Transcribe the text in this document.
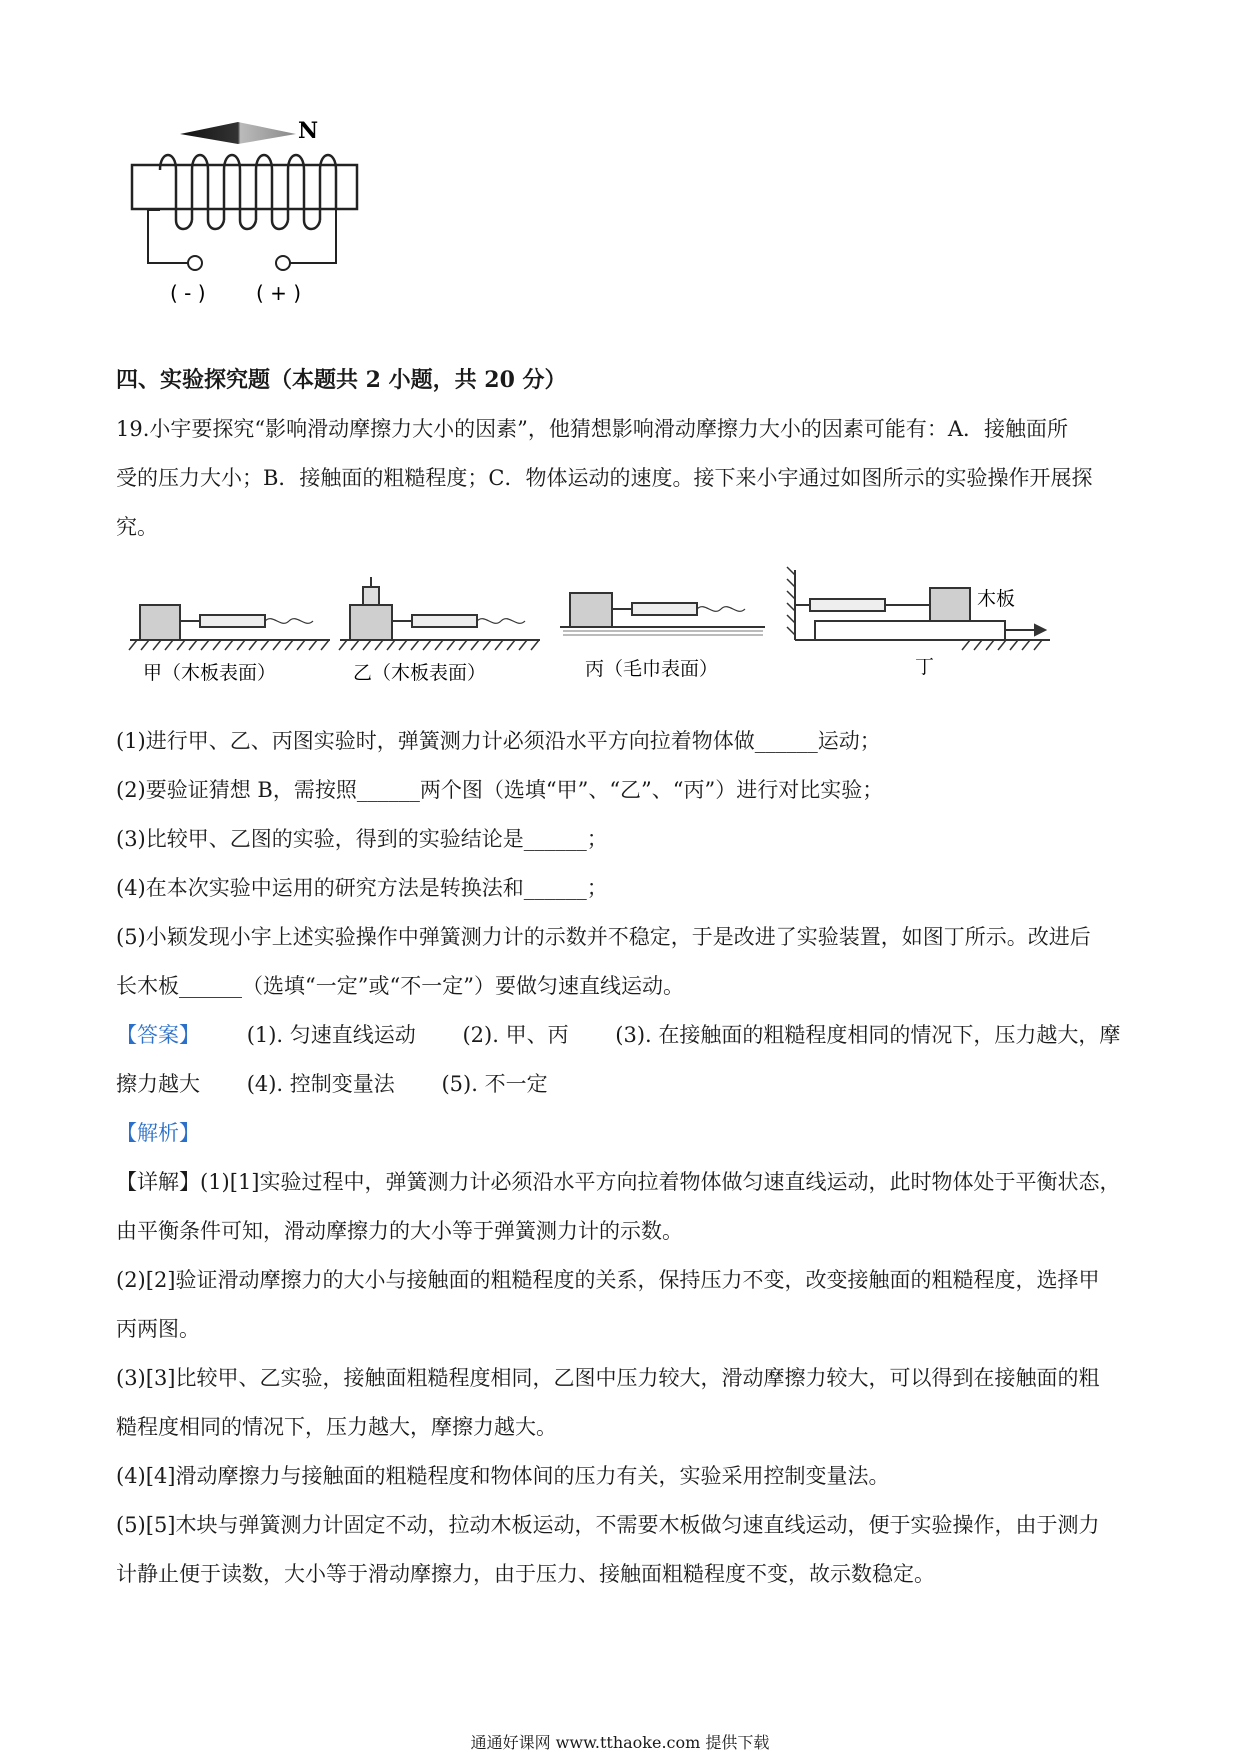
N
( - )	( + )
四、实验探究题（本题共 2 小题，共 20 分）
19.小宇要探究“影响滑动摩擦力大小的因素”，他猜想影响滑动摩擦力大小的因素可能有：A．接触面所
受的压力大小；B．接触面的粗糙程度；C．物体运动的速度。接下来小宇通过如图所示的实验操作开展探
究。
甲（木板表面）	乙（木板表面）	丙（毛巾表面）	丁
木板
(1)进行甲、乙、丙图实验时，弹簧测力计必须沿水平方向拉着物体做______运动；
(2)要验证猜想 B，需按照______两个图（选填“甲”、“乙”、“丙”）进行对比实验；
(3)比较甲、乙图的实验，得到的实验结论是______；
(4)在本次实验中运用的研究方法是转换法和______；
(5)小颖发现小宇上述实验操作中弹簧测力计的示数并不稳定，于是改进了实验装置，如图丁所示。改进后
长木板______（选填“一定”或“不一定”）要做匀速直线运动。
【答案】 (1). 匀速直线运动 (2). 甲、丙 (3). 在接触面的粗糙程度相同的情况下，压力越大，摩
擦力越大 (4). 控制变量法 (5). 不一定
【解析】
【详解】(1)[1]实验过程中，弹簧测力计必须沿水平方向拉着物体做匀速直线运动，此时物体处于平衡状态，
由平衡条件可知，滑动摩擦力的大小等于弹簧测力计的示数。
(2)[2]验证滑动摩擦力的大小与接触面的粗糙程度的关系，保持压力不变，改变接触面的粗糙程度，选择甲
丙两图。
(3)[3]比较甲、乙实验，接触面粗糙程度相同，乙图中压力较大，滑动摩擦力较大，可以得到在接触面的粗
糙程度相同的情况下，压力越大，摩擦力越大。
(4)[4]滑动摩擦力与接触面的粗糙程度和物体间的压力有关，实验采用控制变量法。
(5)[5]木块与弹簧测力计固定不动，拉动木板运动，不需要木板做匀速直线运动，便于实验操作，由于测力
计静止便于读数，大小等于滑动摩擦力，由于压力、接触面粗糙程度不变，故示数稳定。
通通好课网 www.tthaoke.com 提供下载
